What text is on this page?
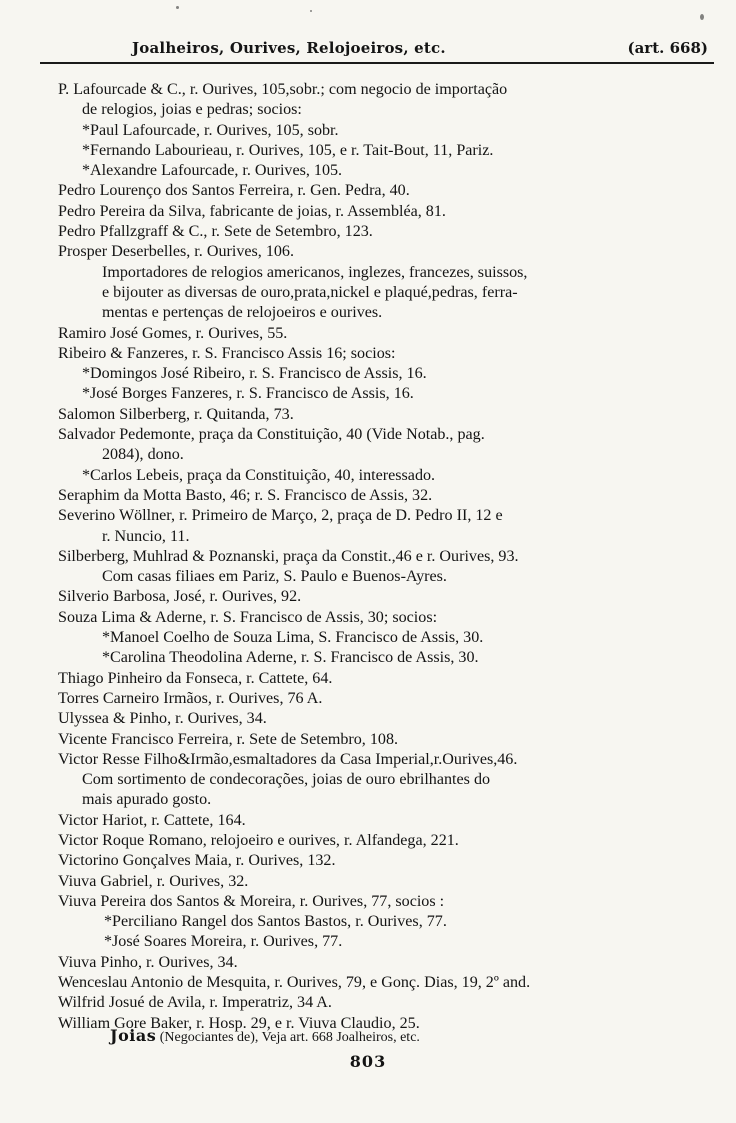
Joalheiros, Ourives, Relojoeiros, etc.	(art. 668)
P. Lafourcade & C., r. Ourives, 105,sobr.; com negocio de importação
de relogios, joias e pedras; socios:
*Paul Lafourcade, r. Ourives, 105, sobr.
*Fernando Labourieau, r. Ourives, 105, e r. Tait-Bout, 11, Pariz.
*Alexandre Lafourcade, r. Ourives, 105.
Pedro Lourenço dos Santos Ferreira, r. Gen. Pedra, 40.
Pedro Pereira da Silva, fabricante de joias, r. Assembléa, 81.
Pedro Pfallzgraff & C., r. Sete de Setembro, 123.
Prosper Deserbelles, r. Ourives, 106.
Importadores de relogios americanos, inglezes, francezes, suissos,
e bijouter as diversas de ouro,prata,nickel e plaqué,pedras, ferra-
mentas e pertenças de relojoeiros e ourives.
Ramiro José Gomes, r. Ourives, 55.
Ribeiro & Fanzeres, r. S. Francisco Assis 16; socios:
*Domingos José Ribeiro, r. S. Francisco de Assis, 16.
*José Borges Fanzeres, r. S. Francisco de Assis, 16.
Salomon Silberberg, r. Quitanda, 73.
Salvador Pedemonte, praça da Constituição, 40 (Vide Notab., pag.
2084), dono.
*Carlos Lebeis, praça da Constituição, 40, interessado.
Seraphim da Motta Basto, 46; r. S. Francisco de Assis, 32.
Severino Wöllner, r. Primeiro de Março, 2, praça de D. Pedro II, 12 e
r. Nuncio, 11.
Silberberg, Muhlrad & Poznanski, praça da Constit.,46 e r. Ourives, 93.
Com casas filiaes em Pariz, S. Paulo e Buenos-Ayres.
Silverio Barbosa, José, r. Ourives, 92.
Souza Lima & Aderne, r. S. Francisco de Assis, 30; socios:
*Manoel Coelho de Souza Lima, S. Francisco de Assis, 30.
*Carolina Theodolina Aderne, r. S. Francisco de Assis, 30.
Thiago Pinheiro da Fonseca, r. Cattete, 64.
Torres Carneiro Irmãos, r. Ourives, 76 A.
Ulyssea & Pinho, r. Ourives, 34.
Vicente Francisco Ferreira, r. Sete de Setembro, 108.
Victor Resse Filho&Irmão,esmaltadores da Casa Imperial,r.Ourives,46.
Com sortimento de condecorações, joias de ouro ebrilhantes do
mais apurado gosto.
Victor Hariot, r. Cattete, 164.
Victor Roque Romano, relojoeiro e ourives, r. Alfandega, 221.
Victorino Gonçalves Maia, r. Ourives, 132.
Viuva Gabriel, r. Ourives, 32.
Viuva Pereira dos Santos & Moreira, r. Ourives, 77, socios :
*Perciliano Rangel dos Santos Bastos, r. Ourives, 77.
*José Soares Moreira, r. Ourives, 77.
Viuva Pinho, r. Ourives, 34.
Wenceslau Antonio de Mesquita, r. Ourives, 79, e Gonç. Dias, 19, 2º and.
Wilfrid Josué de Avila, r. Imperatriz, 34 A.
William Gore Baker, r. Hosp. 29, e r. Viuva Claudio, 25.
Joias (Negociantes de), Veja art. 668 Joalheiros, etc.
803
